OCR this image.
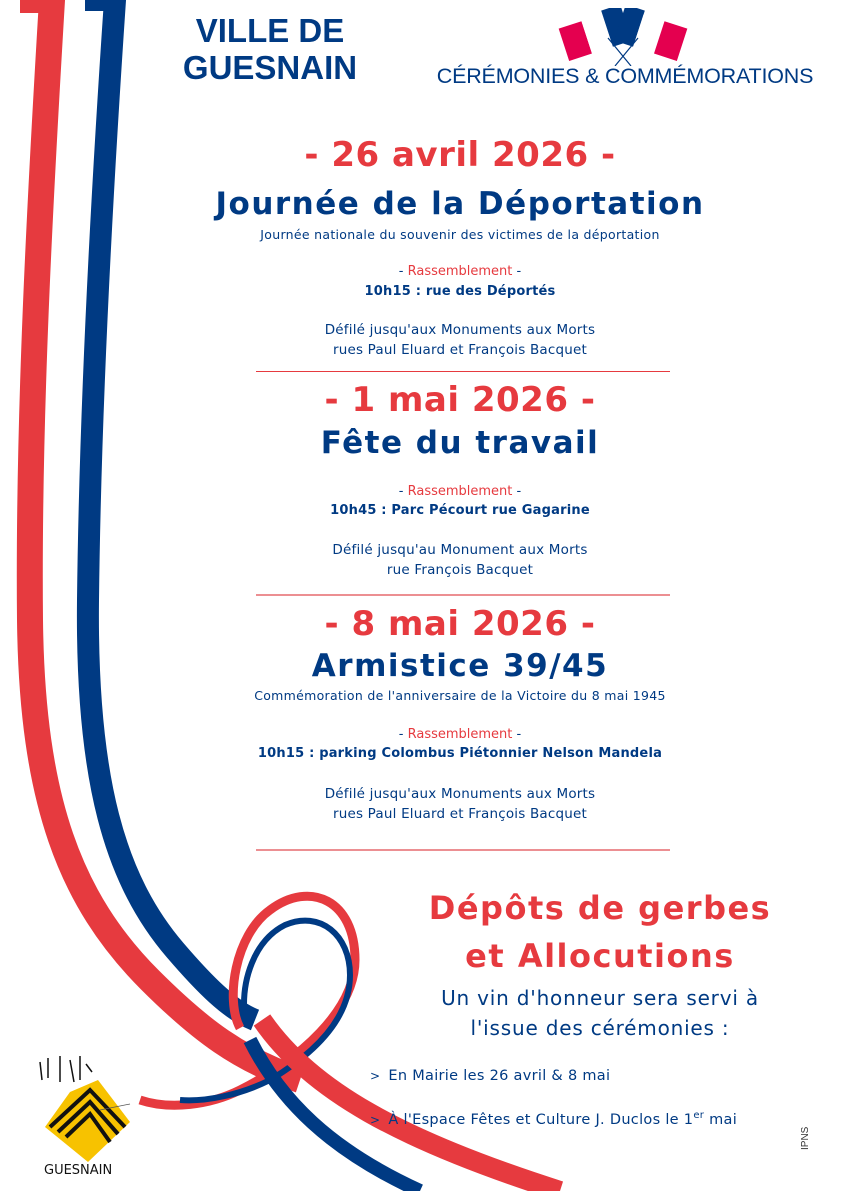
VILLE DE
GUESNAIN	CÉRÉMONIES & COMMÉMORATIONS
- 26 avril 2026 -
Journée de la Déportation
Journée nationale du souvenir des victimes de la déportation
- Rassemblement -
10h15 : rue des Déportés
Défilé jusqu'aux Monuments aux Morts
rues Paul Eluard et François Bacquet
- 1 mai 2026 -
Fête du travail
- Rassemblement -
10h45 : Parc Pécourt rue Gagarine
Défilé jusqu'au Monument aux Morts
rue François Bacquet
- 8 mai 2026 -
Armistice 39/45
Commémoration de l'anniversaire de la Victoire du 8 mai 1945
- Rassemblement -
10h15 : parking Colombus Piétonnier Nelson Mandela
Défilé jusqu'aux Monuments aux Morts
rues Paul Eluard et François Bacquet
Dépôts de gerbes
et Allocutions
Un vin d'honneur sera servi à
l'issue des cérémonies :
> En Mairie les 26 avril & 8 mai
> À l'Espace Fêtes et Culture J. Duclos le 1er mai
GUESNAIN
IPNS
